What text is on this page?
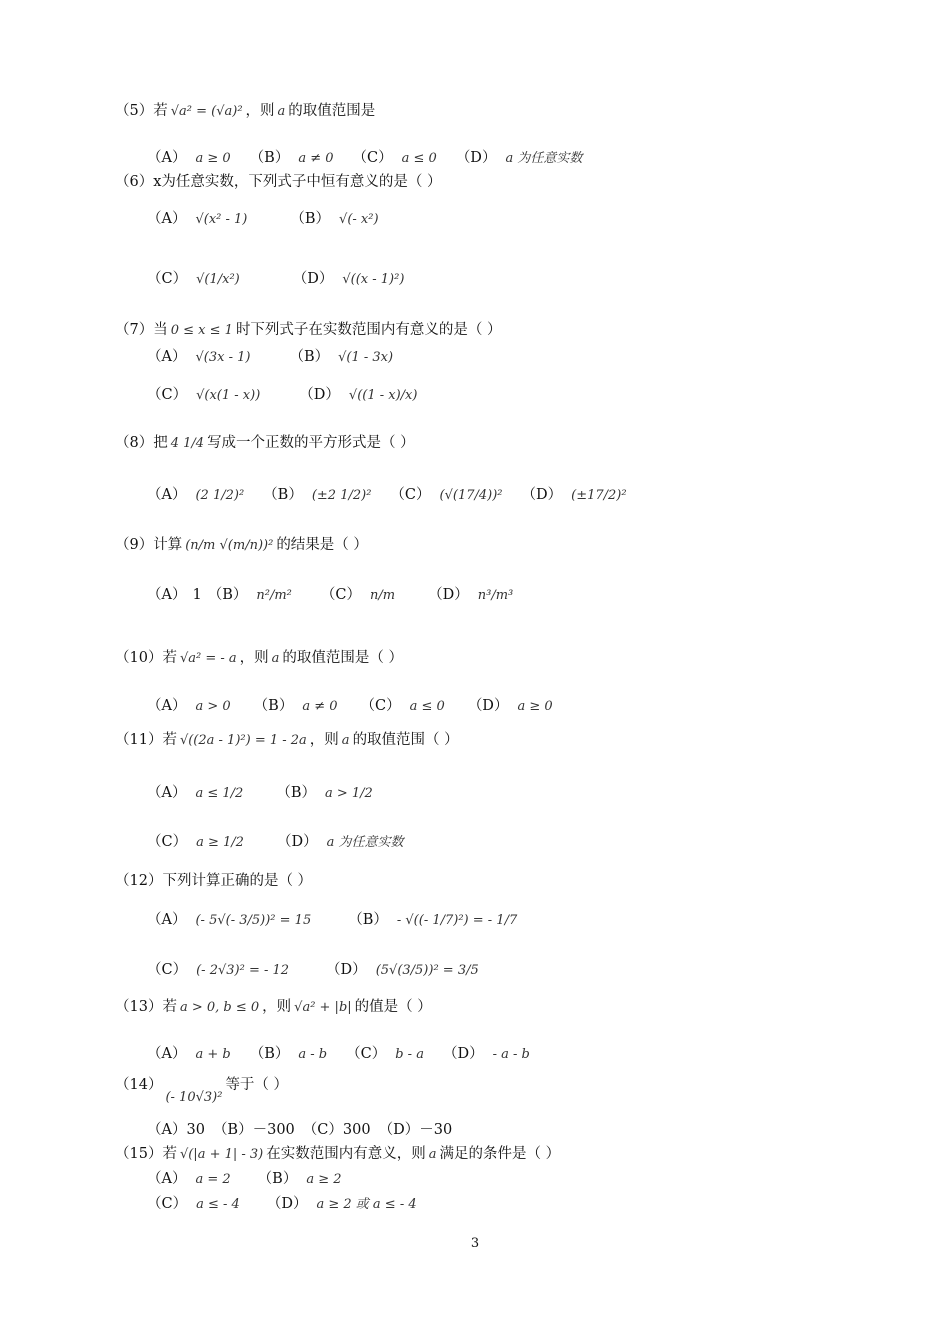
（5）若 √a² = (√a)² ，则 a 的取值范围是
（A） a ≥ 0 （B） a ≠ 0 （C） a ≤ 0 （D） a 为任意实数
（6）x为任意实数，下列式子中恒有意义的是（ ）
（A） √(x² - 1)	（B） √(- x²)
（C） √(1/x²)	（D） √((x - 1)²)
（7）当 0 ≤ x ≤ 1 时下列式子在实数范围内有意义的是（ ）
（A） √(3x - 1)	（B） √(1 - 3x)
（C） √(x(1 - x))	（D） √((1 - x)/x)
（8）把 4 1/4 写成一个正数的平方形式是（ ）
（A） (2 1/2)² （B） (±2 1/2)² （C） (√(17/4))² （D） (±17/2)²
（9）计算 (n/m √(m/n))² 的结果是（ ）
（A） 1 （B） n²/m² （C） n/m （D） n³/m³
（10）若 √a² = - a ，则 a 的取值范围是（ ）
（A） a > 0 （B） a ≠ 0 （C） a ≤ 0 （D） a ≥ 0
（11）若 √((2a - 1)²) = 1 - 2a ，则 a 的取值范围（ ）
（A） a ≤ 1/2 （B） a > 1/2
（C） a ≥ 1/2 （D） a 为任意实数
（12）下列计算正确的是（ ）
（A） (- 5√(- 3/5))² = 15	（B） - √((- 1/7)²) = - 1/7
（C） (- 2√3)² = - 12	（D） (5√(3/5))² = 3/5
（13）若 a > 0, b ≤ 0 ，则 √a² + |b| 的值是（ ）
（A） a + b （B） a - b （C） b - a （D） - a - b
（14）
(- 10√3)²
等于（ ）
（A） 30 （B） －300 （C） 300 （D） －30
（15）若 √(|a + 1| - 3) 在实数范围内有意义，则 a 满足的条件是（ ）
（A） a = 2 （B） a ≥ 2
（C） a ≤ - 4 （D） a ≥ 2 或 a ≤ - 4
3
